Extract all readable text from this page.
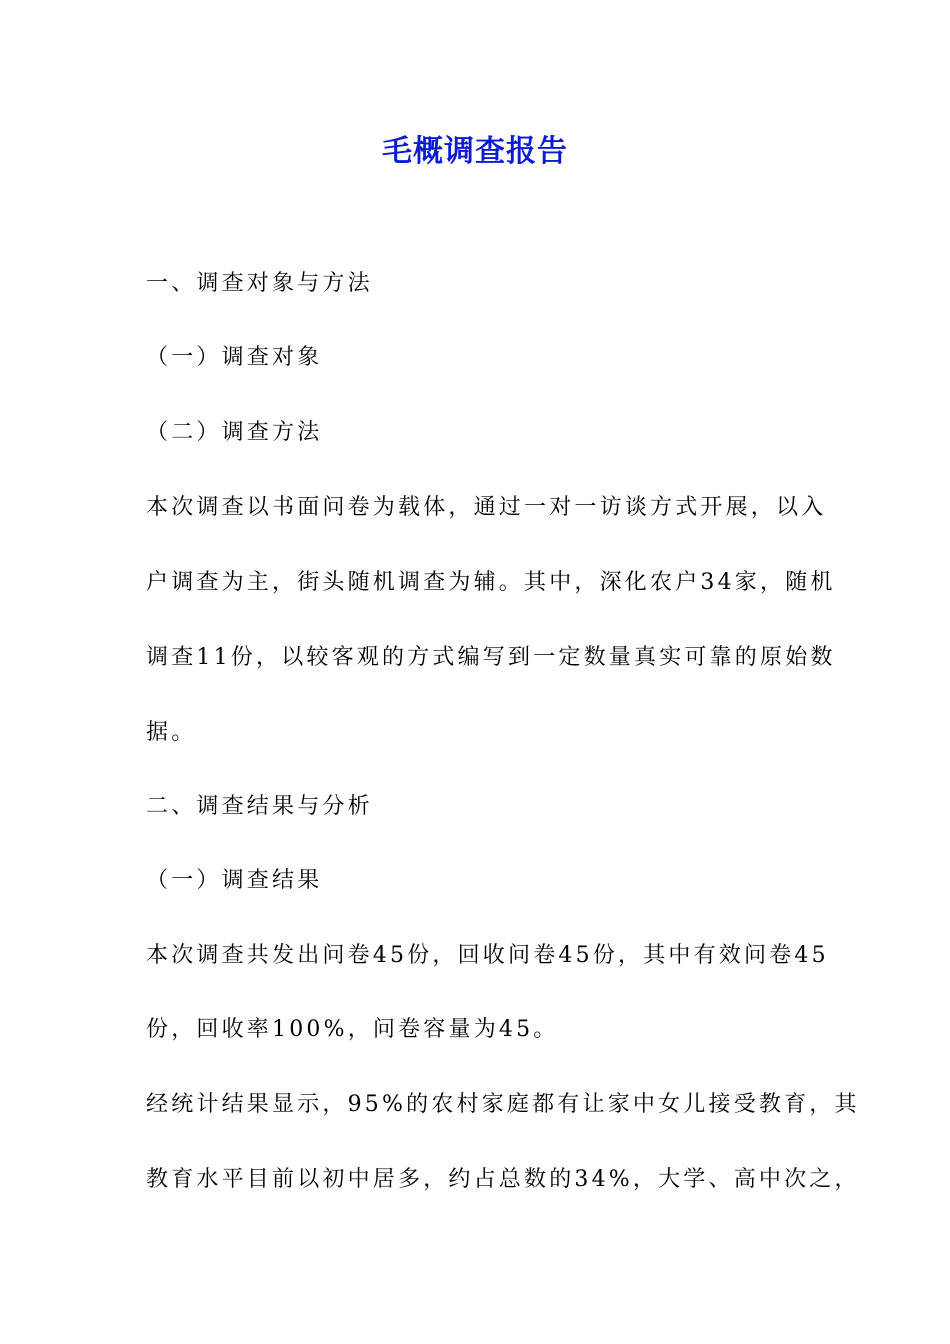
毛概调查报告
一、调查对象与方法
（一）调查对象
（二）调查方法
本次调查以书面问卷为载体，通过一对一访谈方式开展，以入
户调查为主，街头随机调查为辅。其中，深化农户34家，随机
调查11份，以较客观的方式编写到一定数量真实可靠的原始数
据。
二、调查结果与分析
（一）调查结果
本次调查共发出问卷45份，回收问卷45份，其中有效问卷45
份，回收率100%，问卷容量为45。
经统计结果显示，95%的农村家庭都有让家中女儿接受教育，其
教育水平目前以初中居多，约占总数的34%，大学、高中次之，
